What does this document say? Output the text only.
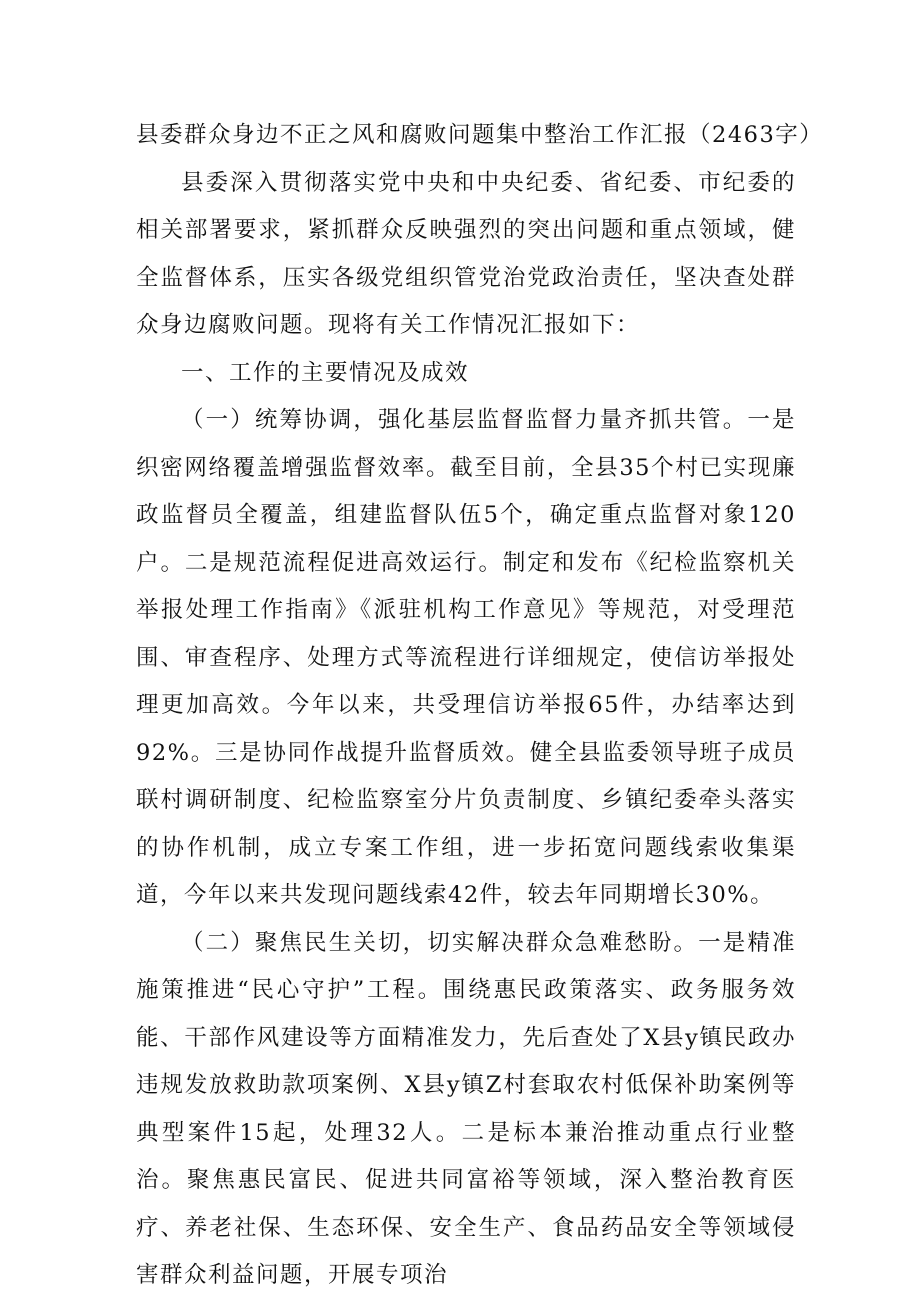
县委群众身边不正之风和腐败问题集中整治工作汇报（2463字）

县委深入贯彻落实党中央和中央纪委、省纪委、市纪委的相关部署要求，紧抓群众反映强烈的突出问题和重点领域，健全监督体系，压实各级党组织管党治党政治责任，坚决查处群众身边腐败问题。现将有关工作情况汇报如下：

一、工作的主要情况及成效

（一）统筹协调，强化基层监督监督力量齐抓共管。一是织密网络覆盖增强监督效率。截至目前，全县35个村已实现廉政监督员全覆盖，组建监督队伍5个，确定重点监督对象120户。二是规范流程促进高效运行。制定和发布《纪检监察机关举报处理工作指南》《派驻机构工作意见》等规范，对受理范围、审查程序、处理方式等流程进行详细规定，使信访举报处理更加高效。今年以来，共受理信访举报65件，办结率达到92%。三是协同作战提升监督质效。健全县监委领导班子成员联村调研制度、纪检监察室分片负责制度、乡镇纪委牵头落实的协作机制，成立专案工作组，进一步拓宽问题线索收集渠道，今年以来共发现问题线索42件，较去年同期增长30%。

（二）聚焦民生关切，切实解决群众急难愁盼。一是精准施策推进“民心守护”工程。围绕惠民政策落实、政务服务效能、干部作风建设等方面精准发力，先后查处了X县y镇民政办违规发放救助款项案例、X县y镇Z村套取农村低保补助案例等典型案件15起，处理32人。二是标本兼治推动重点行业整治。聚焦惠民富民、促进共同富裕等领域，深入整治教育医疗、养老社保、生态环保、安全生产、食品药品安全等领域侵害群众利益问题，开展专项治
